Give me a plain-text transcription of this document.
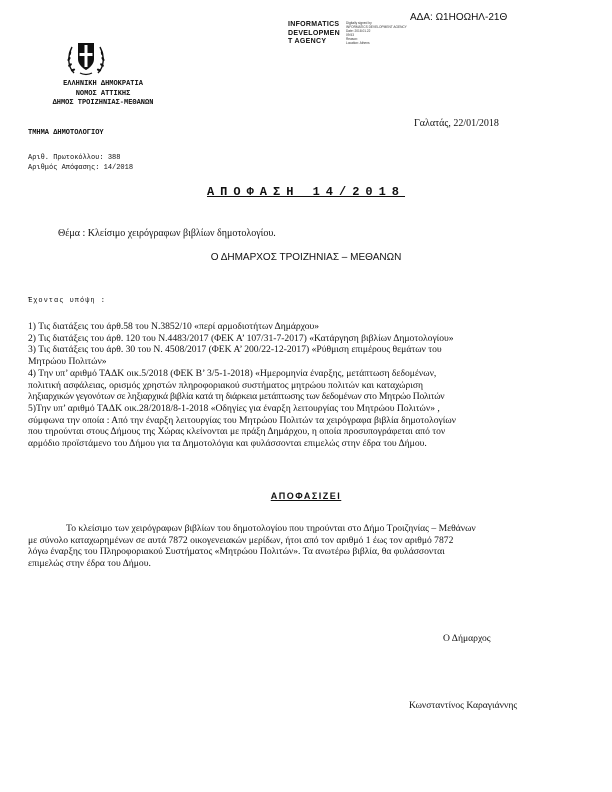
ΑΔΑ: Ω1ΗΟΩΗΛ-21Θ
INFORMATICS
DEVELOPMEN
T AGENCY
Digitally signed by
INFORMATICS DEVELOPMENT AGENCY
Date: 2018.01.22
09:53
Reason:
Location: Athens
ΕΛΛΗΝΙΚΗ ΔΗΜΟΚΡΑΤΙΑ
ΝΟΜΟΣ ΑΤΤΙΚΗΣ
ΔΗΜΟΣ ΤΡΟΙΖΗΝΙΑΣ-ΜΕΘΑΝΩΝ
ΤΜΗΜΑ ΔΗΜΟΤΟΛΟΓΙΟΥ
Γαλατάς, 22/01/2018
Αριθ. Πρωτοκόλλου: 388
Αριθμός Απόφασης: 14/2018
ΑΠΟΦΑΣΗ 14/2018
Θέμα : Κλείσιμο χειρόγραφων βιβλίων δημοτολογίου.
Ο ΔΗΜΑΡΧΟΣ ΤΡΟΙΖΗΝΙΑΣ – ΜΕΘΑΝΩΝ
Έχοντας υπόψη :
1) Τις διατάξεις του άρθ.58 του Ν.3852/10 «περί αρμοδιοτήτων Δημάρχου»
2) Τις διατάξεις του άρθ. 120 του Ν.4483/2017 (ΦΕΚ Α’ 107/31-7-2017) «Κατάργηση βιβλίων Δημοτολογίου»
3) Τις διατάξεις του άρθ. 30 του Ν. 4508/2017 (ΦΕΚ Α’ 200/22-12-2017) «Ρύθμιση επιμέρους θεμάτων του
Μητρώου Πολιτών»
4) Την υπ’ αριθμό ΤΑΔΚ οικ.5/2018 (ΦΕΚ Β’ 3/5-1-2018) «Ημερομηνία έναρξης, μετάπτωση δεδομένων,
πολιτική ασφάλειας, ορισμός χρηστών πληροφοριακού συστήματος μητρώου πολιτών και καταχώριση
ληξιαρχικών γεγονότων σε ληξιαρχικά βιβλία κατά τη διάρκεια μετάπτωσης των δεδομένων στο Μητρώο Πολιτών
5)Την υπ’ αριθμό ΤΑΔΚ οικ.28/2018/8-1-2018 «Οδηγίες για έναρξη λειτουργίας του Μητρώου Πολιτών» ,
σύμφωνα την οποία : Από την έναρξη λειτουργίας του Μητρώου Πολιτών τα χειρόγραφα βιβλία δημοτολογίων
που τηρούνται στους Δήμους της Χώρας κλείνονται με πράξη Δημάρχου, η οποία προσυπογράφεται από τον
αρμόδιο προϊστάμενο του Δήμου για τα Δημοτολόγια και φυλάσσονται επιμελώς στην έδρα του Δήμου.
ΑΠΟΦΑΣΙΖΕΙ
Το κλείσιμο των χειρόγραφων βιβλίων του δημοτολογίου που τηρούνται στο Δήμο Τροιζηνίας – Μεθάνων
με σύνολο καταχωρημένων σε αυτά 7872 οικογενειακών μερίδων, ήτοι από τον αριθμό 1 έως τον αριθμό 7872
λόγω έναρξης του Πληροφοριακού Συστήματος «Μητρώου Πολιτών». Τα ανωτέρω βιβλία, θα φυλάσσονται
επιμελώς στην έδρα του Δήμου.
Ο Δήμαρχος
Κωνσταντίνος Καραγιάννης
